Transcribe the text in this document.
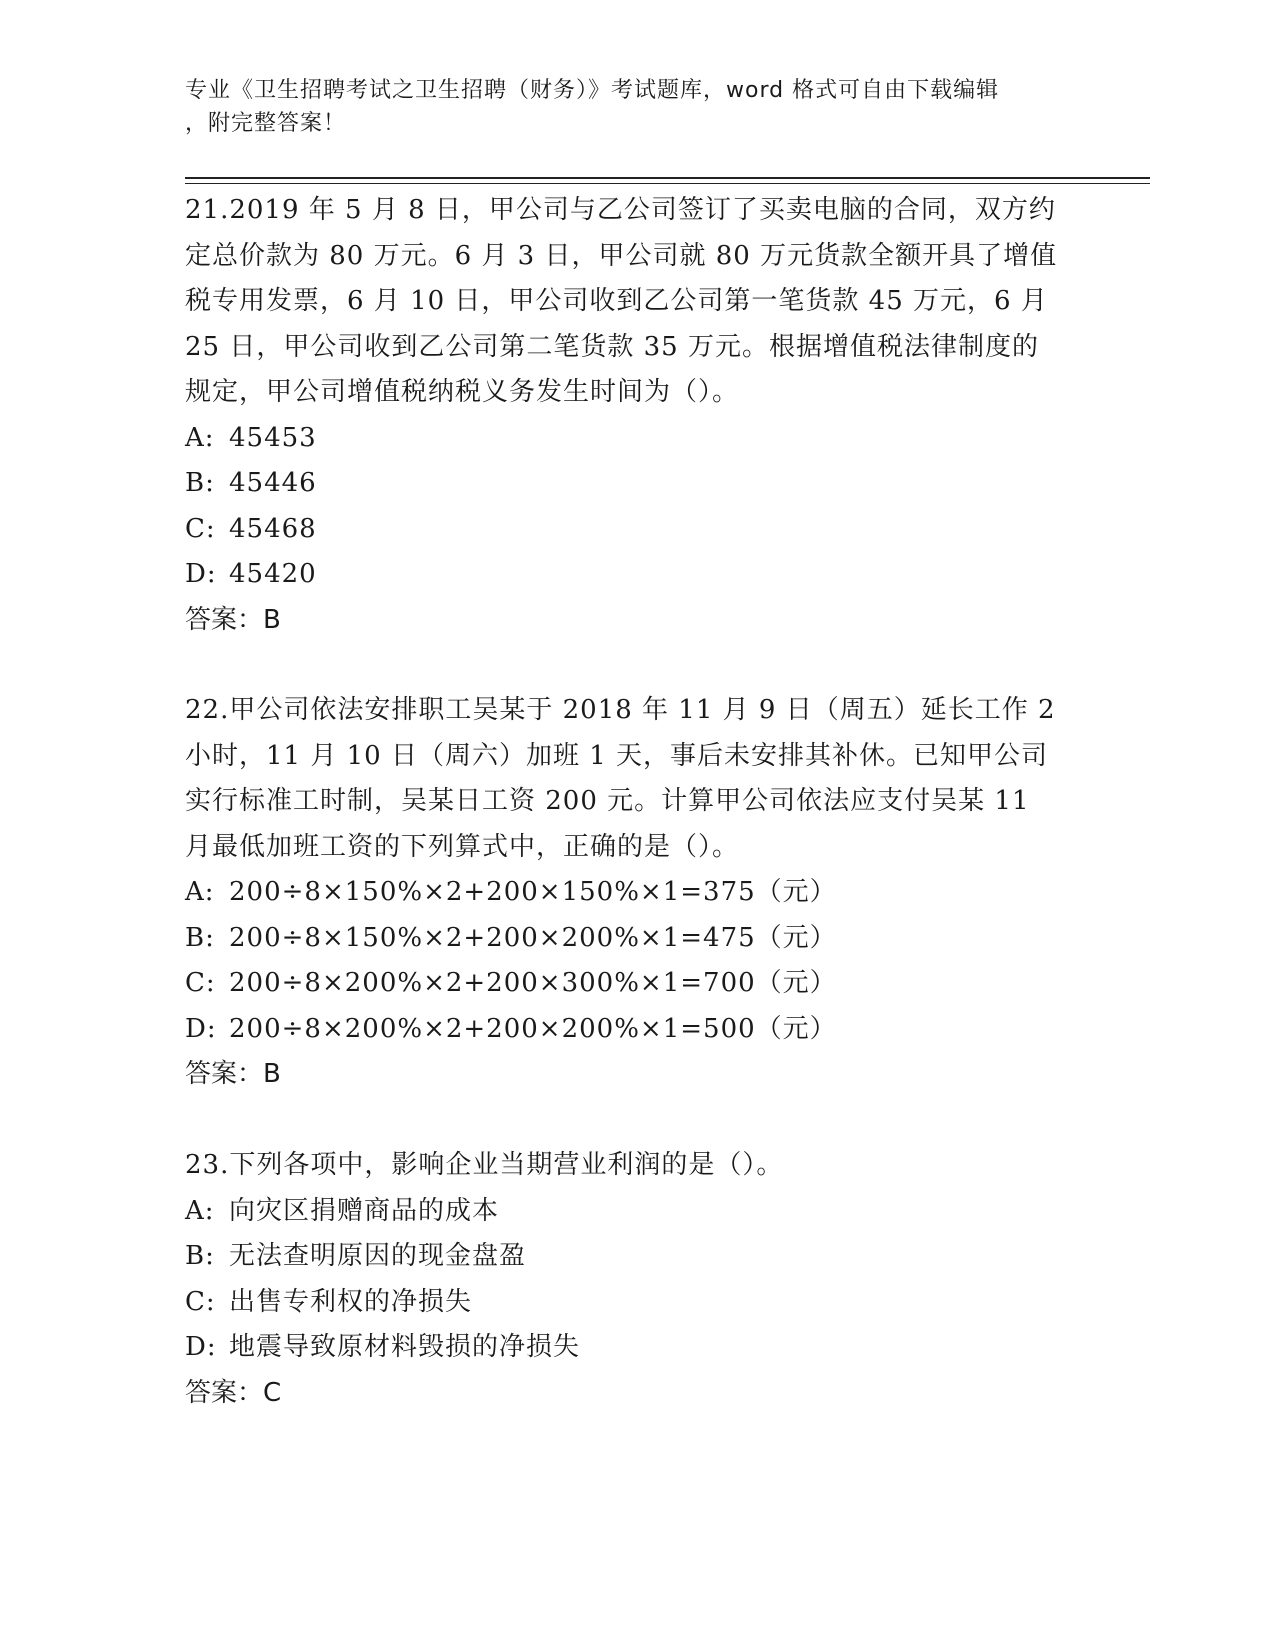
专业《卫生招聘考试之卫生招聘（财务）》考试题库，word 格式可自由下载编辑
，附完整答案！
21.2019 年 5 月 8 日，甲公司与乙公司签订了买卖电脑的合同，双方约
定总价款为 80 万元。6 月 3 日，甲公司就 80 万元货款全额开具了增值
税专用发票，6 月 10 日，甲公司收到乙公司第一笔货款 45 万元，6 月
25 日，甲公司收到乙公司第二笔货款 35 万元。根据增值税法律制度的
规定，甲公司增值税纳税义务发生时间为（）。
A: 45453
B: 45446
C: 45468
D: 45420
答案：B
22.甲公司依法安排职工吴某于 2018 年 11 月 9 日（周五）延长工作 2
小时，11 月 10 日（周六）加班 1 天，事后未安排其补休。已知甲公司
实行标准工时制，吴某日工资 200 元。计算甲公司依法应支付吴某 11
月最低加班工资的下列算式中，正确的是（）。
A: 200÷8×150%×2+200×150%×1=375（元）
B: 200÷8×150%×2+200×200%×1=475（元）
C: 200÷8×200%×2+200×300%×1=700（元）
D: 200÷8×200%×2+200×200%×1=500（元）
答案：B
23.下列各项中，影响企业当期营业利润的是（）。
A: 向灾区捐赠商品的成本
B: 无法查明原因的现金盘盈
C: 出售专利权的净损失
D: 地震导致原材料毁损的净损失
答案：C
